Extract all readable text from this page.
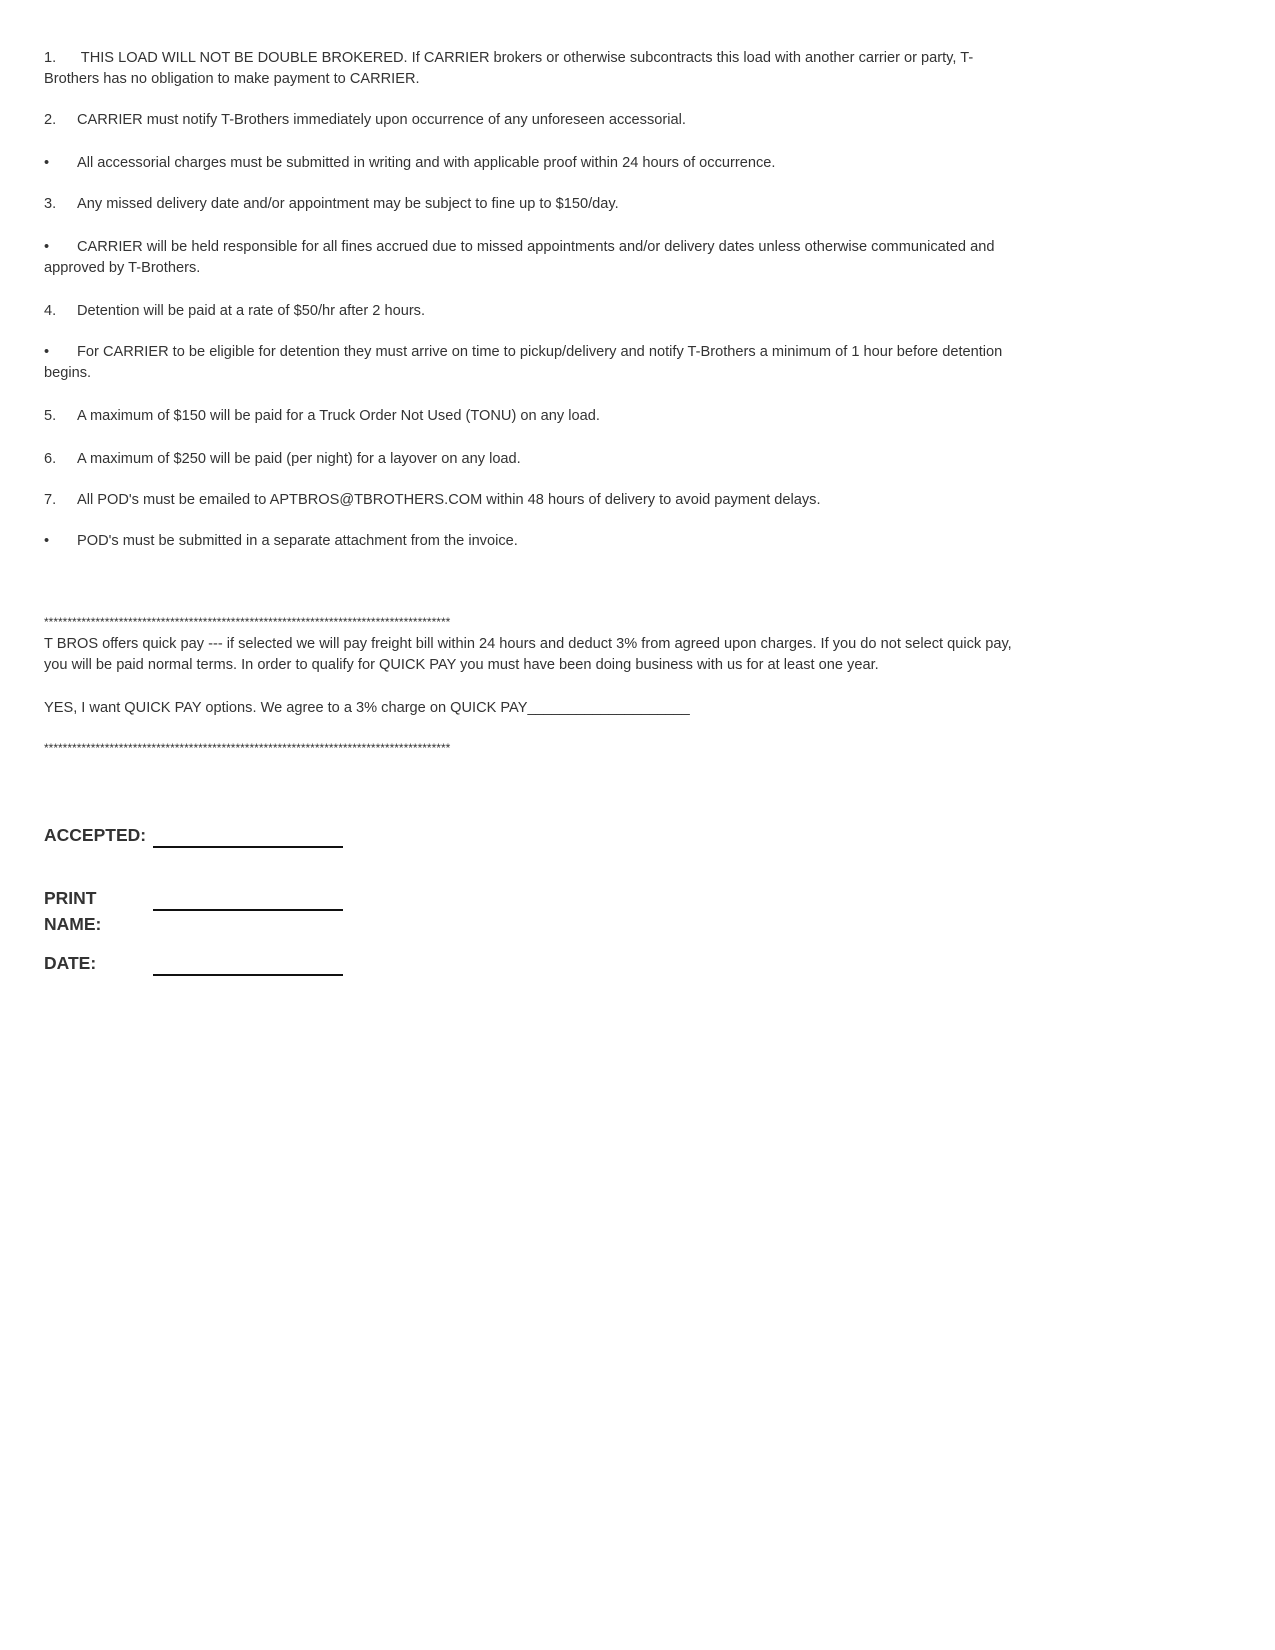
1. THIS LOAD WILL NOT BE DOUBLE BROKERED. If CARRIER brokers or otherwise subcontracts this load with another carrier or party, T-Brothers has no obligation to make payment to CARRIER.

2. CARRIER must notify T-Brothers immediately upon occurrence of any unforeseen accessorial.

• All accessorial charges must be submitted in writing and with applicable proof within 24 hours of occurrence.

3. Any missed delivery date and/or appointment may be subject to fine up to $150/day.

• CARRIER will be held responsible for all fines accrued due to missed appointments and/or delivery dates unless otherwise communicated and approved by T-Brothers.

4. Detention will be paid at a rate of $50/hr after 2 hours.

• For CARRIER to be eligible for detention they must arrive on time to pickup/delivery and notify T-Brothers a minimum of 1 hour before detention begins.

5. A maximum of $150 will be paid for a Truck Order Not Used (TONU) on any load.

6. A maximum of $250 will be paid (per night) for a layover on any load.

7. All POD's must be emailed to APTBROS@TBROTHERS.COM within 48 hours of delivery to avoid payment delays.

• POD's must be submitted in a separate attachment from the invoice.

***************************************************************************************

T BROS offers quick pay --- if selected we will pay freight bill within 24 hours and deduct 3% from agreed upon charges. If you do not select quick pay, you will be paid normal terms. In order to qualify for QUICK PAY you must have been doing business with us for at least one year.

YES, I want QUICK PAY options. We agree to a 3% charge on QUICK PAY____________________

***************************************************************************************
ACCEPTED:
PRINT
NAME:
DATE:
